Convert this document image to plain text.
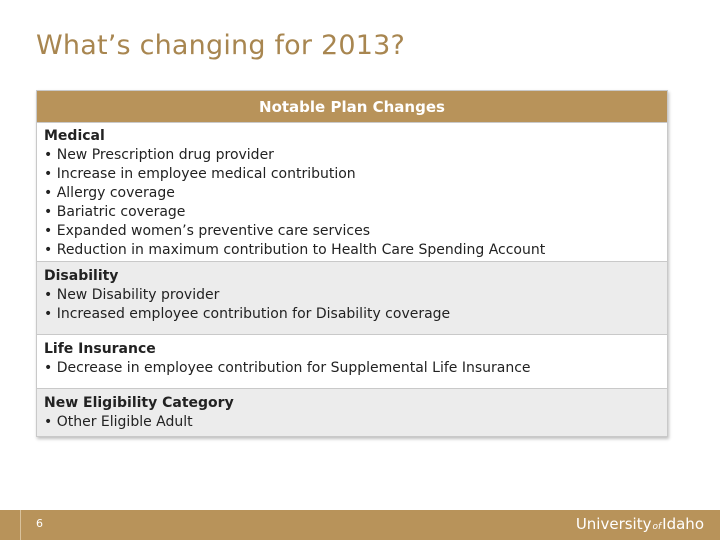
What’s changing for 2013?
Notable Plan Changes
Medical
• New Prescription drug provider
• Increase in employee medical contribution
• Allergy coverage
• Bariatric coverage
• Expanded women’s preventive care services
• Reduction in maximum contribution to Health Care Spending Account
Disability
• New Disability provider
• Increased employee contribution for Disability coverage
Life Insurance
• Decrease in employee contribution for Supplemental Life Insurance
New Eligibility Category
• Other Eligible Adult
6	University of Idaho
